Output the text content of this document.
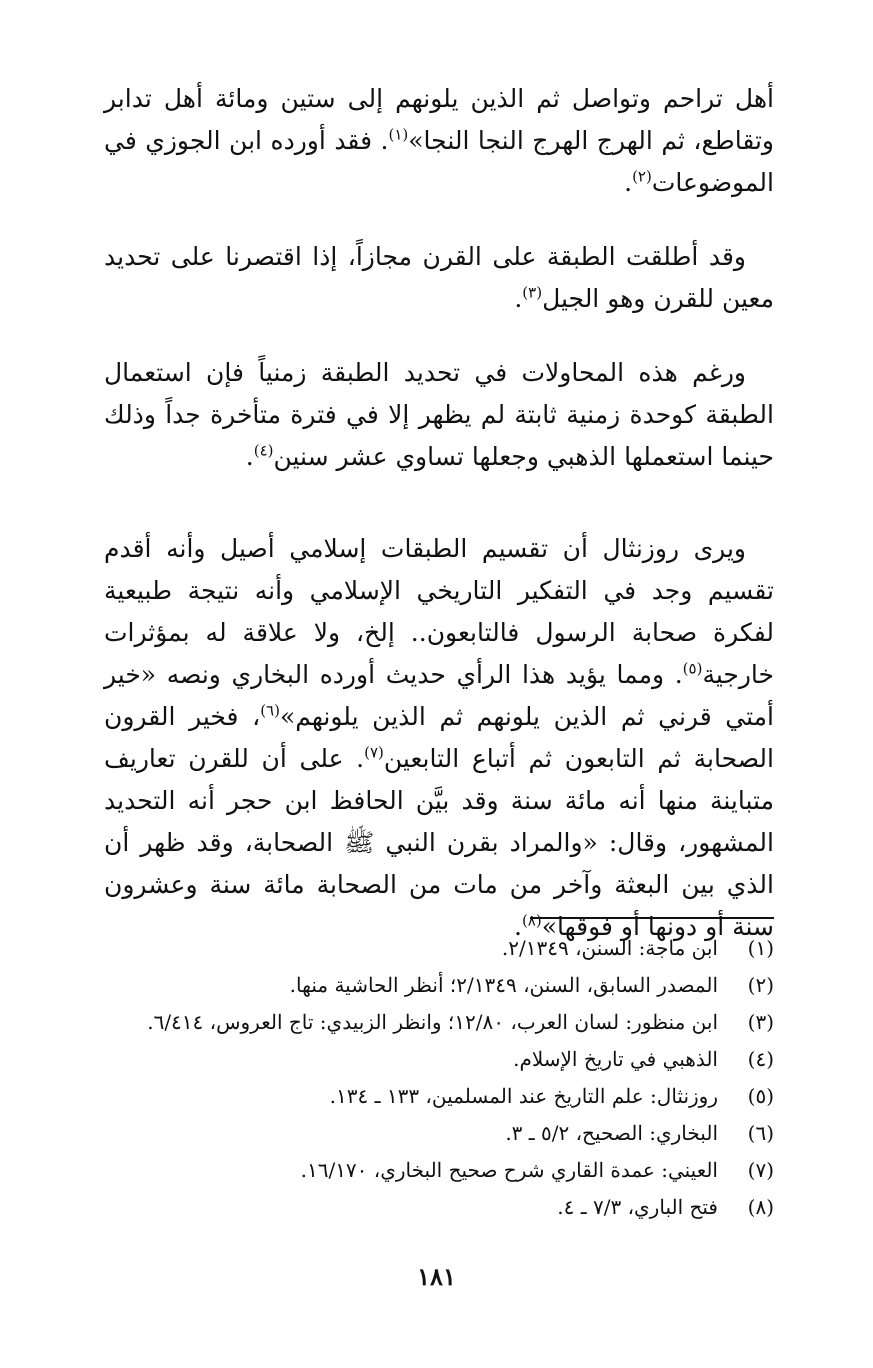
أهل تراحم وتواصل ثم الذين يلونهم إلى ستين ومائة أهل تدابر وتقاطع، ثم الهرج الهرج النجا النجا»$^{(١)}$. فقد أورده ابن الجوزي في الموضوعات$^{(٢)}$.

وقد أطلقت الطبقة على القرن مجازاً، إذا اقتصرنا على تحديد معين للقرن وهو الجيل$^{(٣)}$.

ورغم هذه المحاولات في تحديد الطبقة زمنياً فإن استعمال الطبقة كوحدة زمنية ثابتة لم يظهر إلا في فترة متأخرة جداً وذلك حينما استعملها الذهبي وجعلها تساوي عشر سنين$^{(٤)}$.

ويرى روزنثال أن تقسيم الطبقات إسلامي أصيل وأنه أقدم تقسيم وجد في التفكير التاريخي الإسلامي وأنه نتيجة طبيعية لفكرة صحابة الرسول فالتابعون.. إلخ، ولا علاقة له بمؤثرات خارجية$^{(٥)}$. ومما يؤيد هذا الرأي حديث أورده البخاري ونصه «خير أمتي قرني ثم الذين يلونهم ثم الذين يلونهم»$^{(٦)}$، فخير القرون الصحابة ثم التابعون ثم أتباع التابعين$^{(٧)}$. على أن للقرن تعاريف متباينة منها أنه مائة سنة وقد بيَّن الحافظ ابن حجر أنه التحديد المشهور، وقال: «والمراد بقرن النبي ﷺ الصحابة، وقد ظهر أن الذي بين البعثة وآخر من مات من الصحابة مائة سنة وعشرون سنة أو دونها أو فوقها»$^{(٨)}$.

(١)
ابن ماجة: السنن، ٢/١٣٤٩.
(٢)
المصدر السابق، السنن، ٢/١٣٤٩؛ أنظر الحاشية منها.
(٣)
ابن منظور: لسان العرب، ١٢/٨٠؛ وانظر الزبيدي: تاج العروس، ٦/٤١٤.
(٤)
الذهبي في تاريخ الإسلام.
(٥)
روزنثال: علم التاريخ عند المسلمين، ١٣٣ ـ ١٣٤.
(٦)
البخاري: الصحيح، ٥/٢ ـ ٣.
(٧)
العيني: عمدة القاري شرح صحيح البخاري، ١٦/١٧٠.
(٨)
فتح الباري، ٧/٣ ـ ٤.
١٨١
